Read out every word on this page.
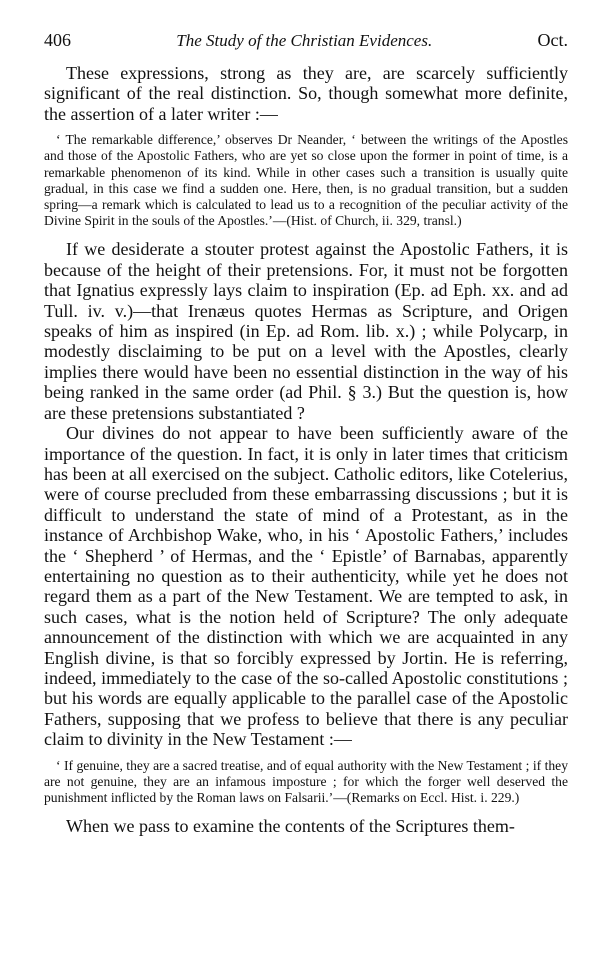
406	The Study of the Christian Evidences.	Oct.

These expressions, strong as they are, are scarcely sufficiently significant of the real distinction. So, though somewhat more definite, the assertion of a later writer :—

‘ The remarkable difference,’ observes Dr Neander, ‘ between the writings of the Apostles and those of the Apostolic Fathers, who are yet so close upon the former in point of time, is a remarkable phenomenon of its kind. While in other cases such a transition is usually quite gradual, in this case we find a sudden one. Here, then, is no gradual transition, but a sudden spring—a remark which is calculated to lead us to a recognition of the peculiar activity of the Divine Spirit in the souls of the Apostles.’—(Hist. of Church, ii. 329, transl.)

If we desiderate a stouter protest against the Apostolic Fathers, it is because of the height of their pretensions. For, it must not be forgotten that Ignatius expressly lays claim to inspiration (Ep. ad Eph. xx. and ad Tull. iv. v.)—that Irenæus quotes Hermas as Scripture, and Origen speaks of him as inspired (in Ep. ad Rom. lib. x.) ; while Polycarp, in modestly disclaiming to be put on a level with the Apostles, clearly implies there would have been no essential distinction in the way of his being ranked in the same order (ad Phil. § 3.) But the question is, how are these pretensions substantiated ?

Our divines do not appear to have been sufficiently aware of the importance of the question. In fact, it is only in later times that criticism has been at all exercised on the subject. Catholic editors, like Cotelerius, were of course precluded from these embarrassing discussions ; but it is difficult to understand the state of mind of a Protestant, as in the instance of Archbishop Wake, who, in his ‘ Apostolic Fathers,’ includes the ‘ Shepherd ’ of Hermas, and the ‘ Epistle’ of Barnabas, apparently entertaining no question as to their authenticity, while yet he does not regard them as a part of the New Testament. We are tempted to ask, in such cases, what is the notion held of Scripture? The only adequate announcement of the distinction with which we are acquainted in any English divine, is that so forcibly expressed by Jortin. He is referring, indeed, immediately to the case of the so-called Apostolic constitutions ; but his words are equally applicable to the parallel case of the Apostolic Fathers, supposing that we profess to believe that there is any peculiar claim to divinity in the New Testament :—

‘ If genuine, they are a sacred treatise, and of equal authority with the New Testament ; if they are not genuine, they are an infamous imposture ; for which the forger well deserved the punishment inflicted by the Roman laws on Falsarii.’—(Remarks on Eccl. Hist. i. 229.)

When we pass to examine the contents of the Scriptures them-
